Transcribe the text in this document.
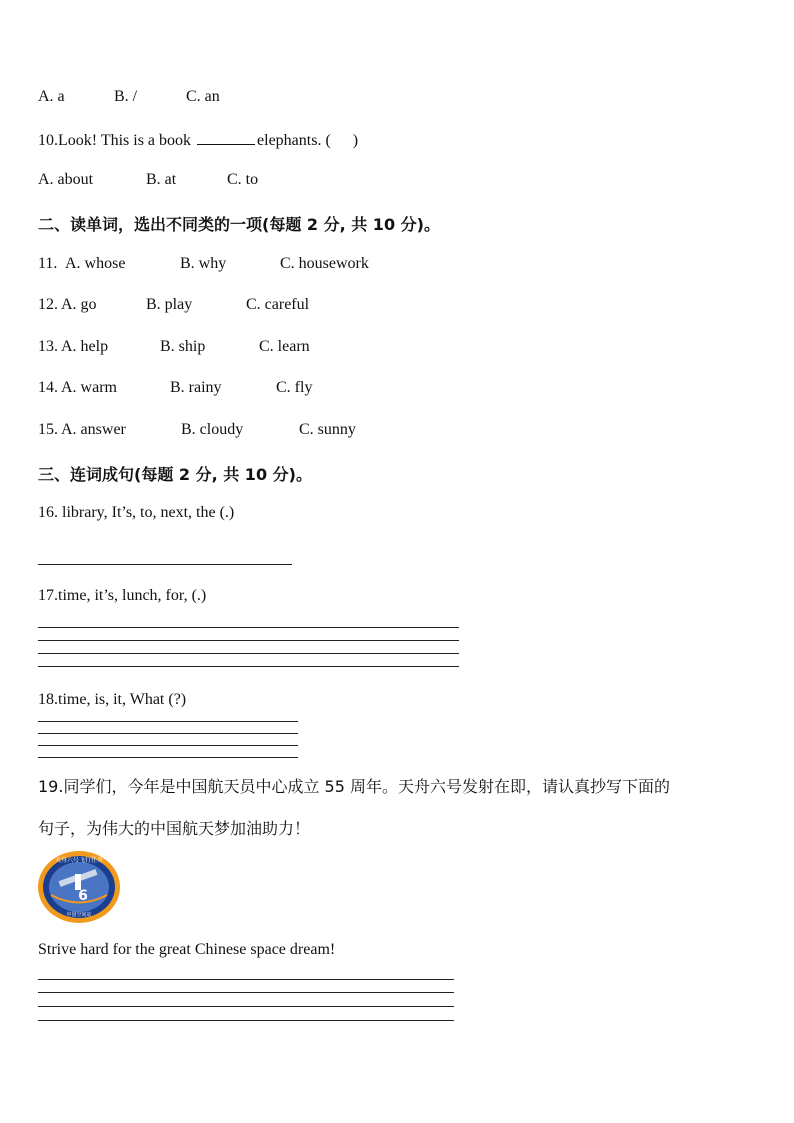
A. a	B. /	C. an
10.Look! This is a book	elephants. ( )
A. about	B. at	C. to
二、读单词，选出不同类的一项(每题 2 分, 共 10 分)。
11. A. whose	B. why	C. housework
12. A. go	B. play	C. careful
13. A. help	B. ship	C. learn
14. A. warm	B. rainy	C. fly
15. A. answer	B. cloudy	C. sunny
三、连词成句(每题 2 分, 共 10 分)。
16. library, It’s, to, next, the (.)
17.time, it’s, lunch, for, (.)
18.time, is, it, What (?)
19.同学们，今年是中国航天员中心成立 55 周年。天舟六号发射在即，请认真抄写下面的
句子，为伟大的中国航天梦加油助力！
天舟六号飞行任务
6
中国空间站
Strive hard for the great Chinese space dream!
